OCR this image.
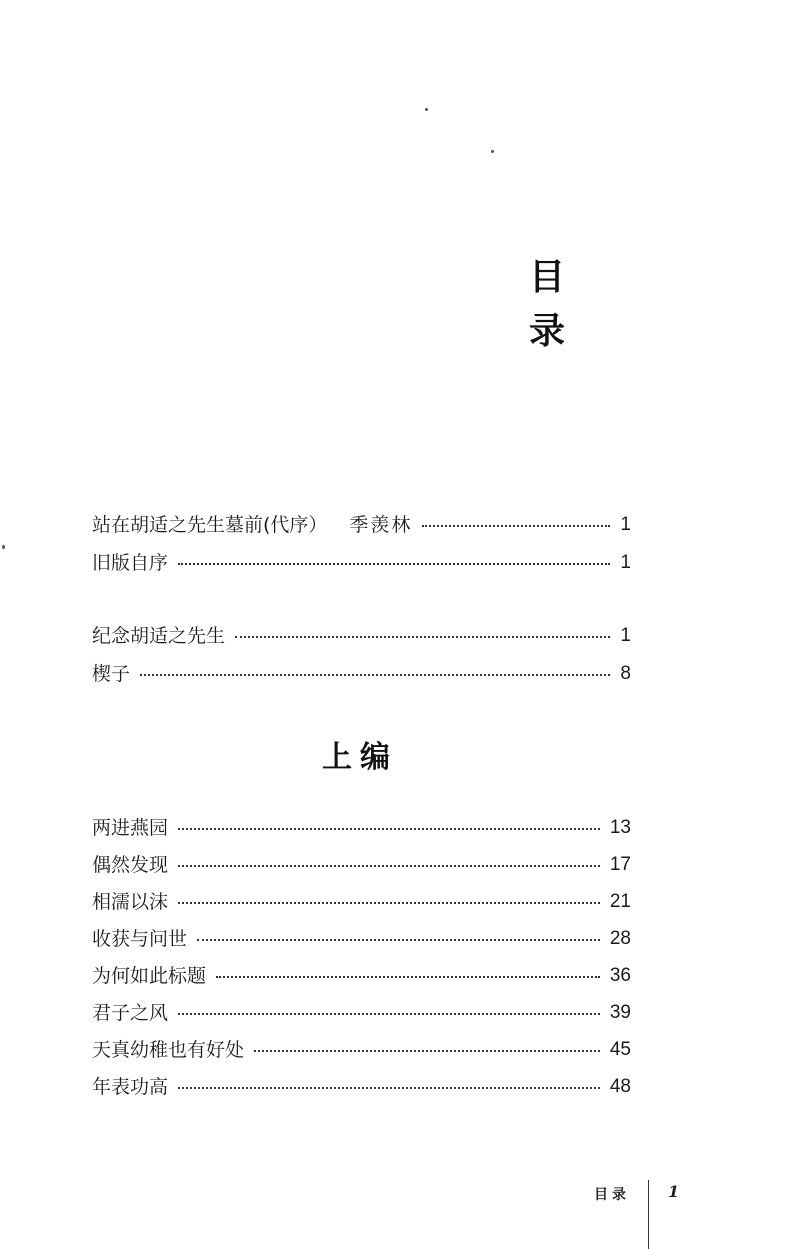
目
录
站在胡适之先生墓前(代序） 季羡林	1
旧版自序	1
纪念胡适之先生	1
楔子	8
上编
两进燕园	13
偶然发现	17
相濡以沫	21
收获与问世	28
为何如此标题	36
君子之风	39
天真幼稚也有好处	45
年表功高	48
目录 1
